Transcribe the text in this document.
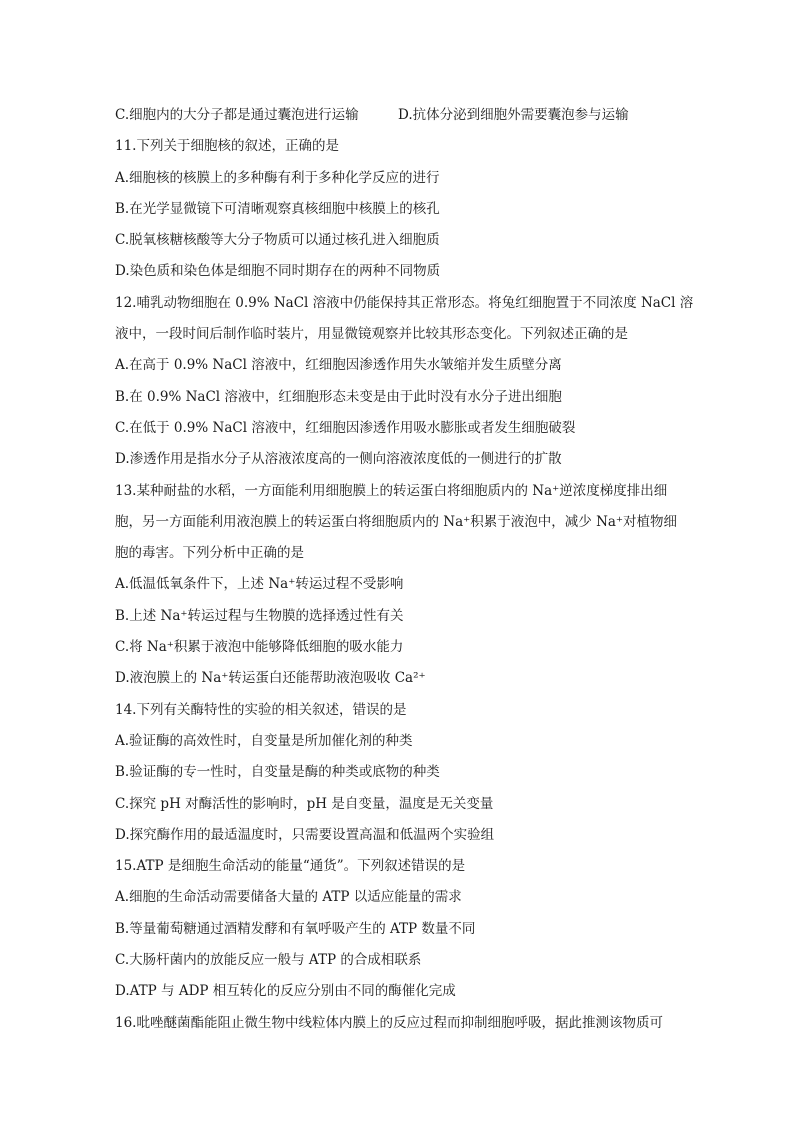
C.细胞内的大分子都是通过囊泡进行运输	D.抗体分泌到细胞外需要囊泡参与运输
11.下列关于细胞核的叙述，正确的是
A.细胞核的核膜上的多种酶有利于多种化学反应的进行
B.在光学显微镜下可清晰观察真核细胞中核膜上的核孔
C.脱氧核糖核酸等大分子物质可以通过核孔进入细胞质
D.染色质和染色体是细胞不同时期存在的两种不同物质
12.哺乳动物细胞在 0.9% NaCl 溶液中仍能保持其正常形态。将兔红细胞置于不同浓度 NaCl 溶
液中，一段时间后制作临时装片，用显微镜观察并比较其形态变化。下列叙述正确的是
A.在高于 0.9% NaCl 溶液中，红细胞因渗透作用失水皱缩并发生质壁分离
B.在 0.9% NaCl 溶液中，红细胞形态未变是由于此时没有水分子进出细胞
C.在低于 0.9% NaCl 溶液中，红细胞因渗透作用吸水膨胀或者发生细胞破裂
D.渗透作用是指水分子从溶液浓度高的一侧向溶液浓度低的一侧进行的扩散
13.某种耐盐的水稻，一方面能利用细胞膜上的转运蛋白将细胞质内的 Na⁺逆浓度梯度排出细
胞，另一方面能利用液泡膜上的转运蛋白将细胞质内的 Na⁺积累于液泡中，减少 Na⁺对植物细
胞的毒害。下列分析中正确的是
A.低温低氧条件下，上述 Na⁺转运过程不受影响
B.上述 Na⁺转运过程与生物膜的选择透过性有关
C.将 Na⁺积累于液泡中能够降低细胞的吸水能力
D.液泡膜上的 Na⁺转运蛋白还能帮助液泡吸收 Ca²⁺
14.下列有关酶特性的实验的相关叙述，错误的是
A.验证酶的高效性时，自变量是所加催化剂的种类
B.验证酶的专一性时，自变量是酶的种类或底物的种类
C.探究 pH 对酶活性的影响时，pH 是自变量，温度是无关变量
D.探究酶作用的最适温度时，只需要设置高温和低温两个实验组
15.ATP 是细胞生命活动的能量“通货”。下列叙述错误的是
A.细胞的生命活动需要储备大量的 ATP 以适应能量的需求
B.等量葡萄糖通过酒精发酵和有氧呼吸产生的 ATP 数量不同
C.大肠杆菌内的放能反应一般与 ATP 的合成相联系
D.ATP 与 ADP 相互转化的反应分别由不同的酶催化完成
16.吡唑醚菌酯能阻止微生物中线粒体内膜上的反应过程而抑制细胞呼吸，据此推测该物质可
